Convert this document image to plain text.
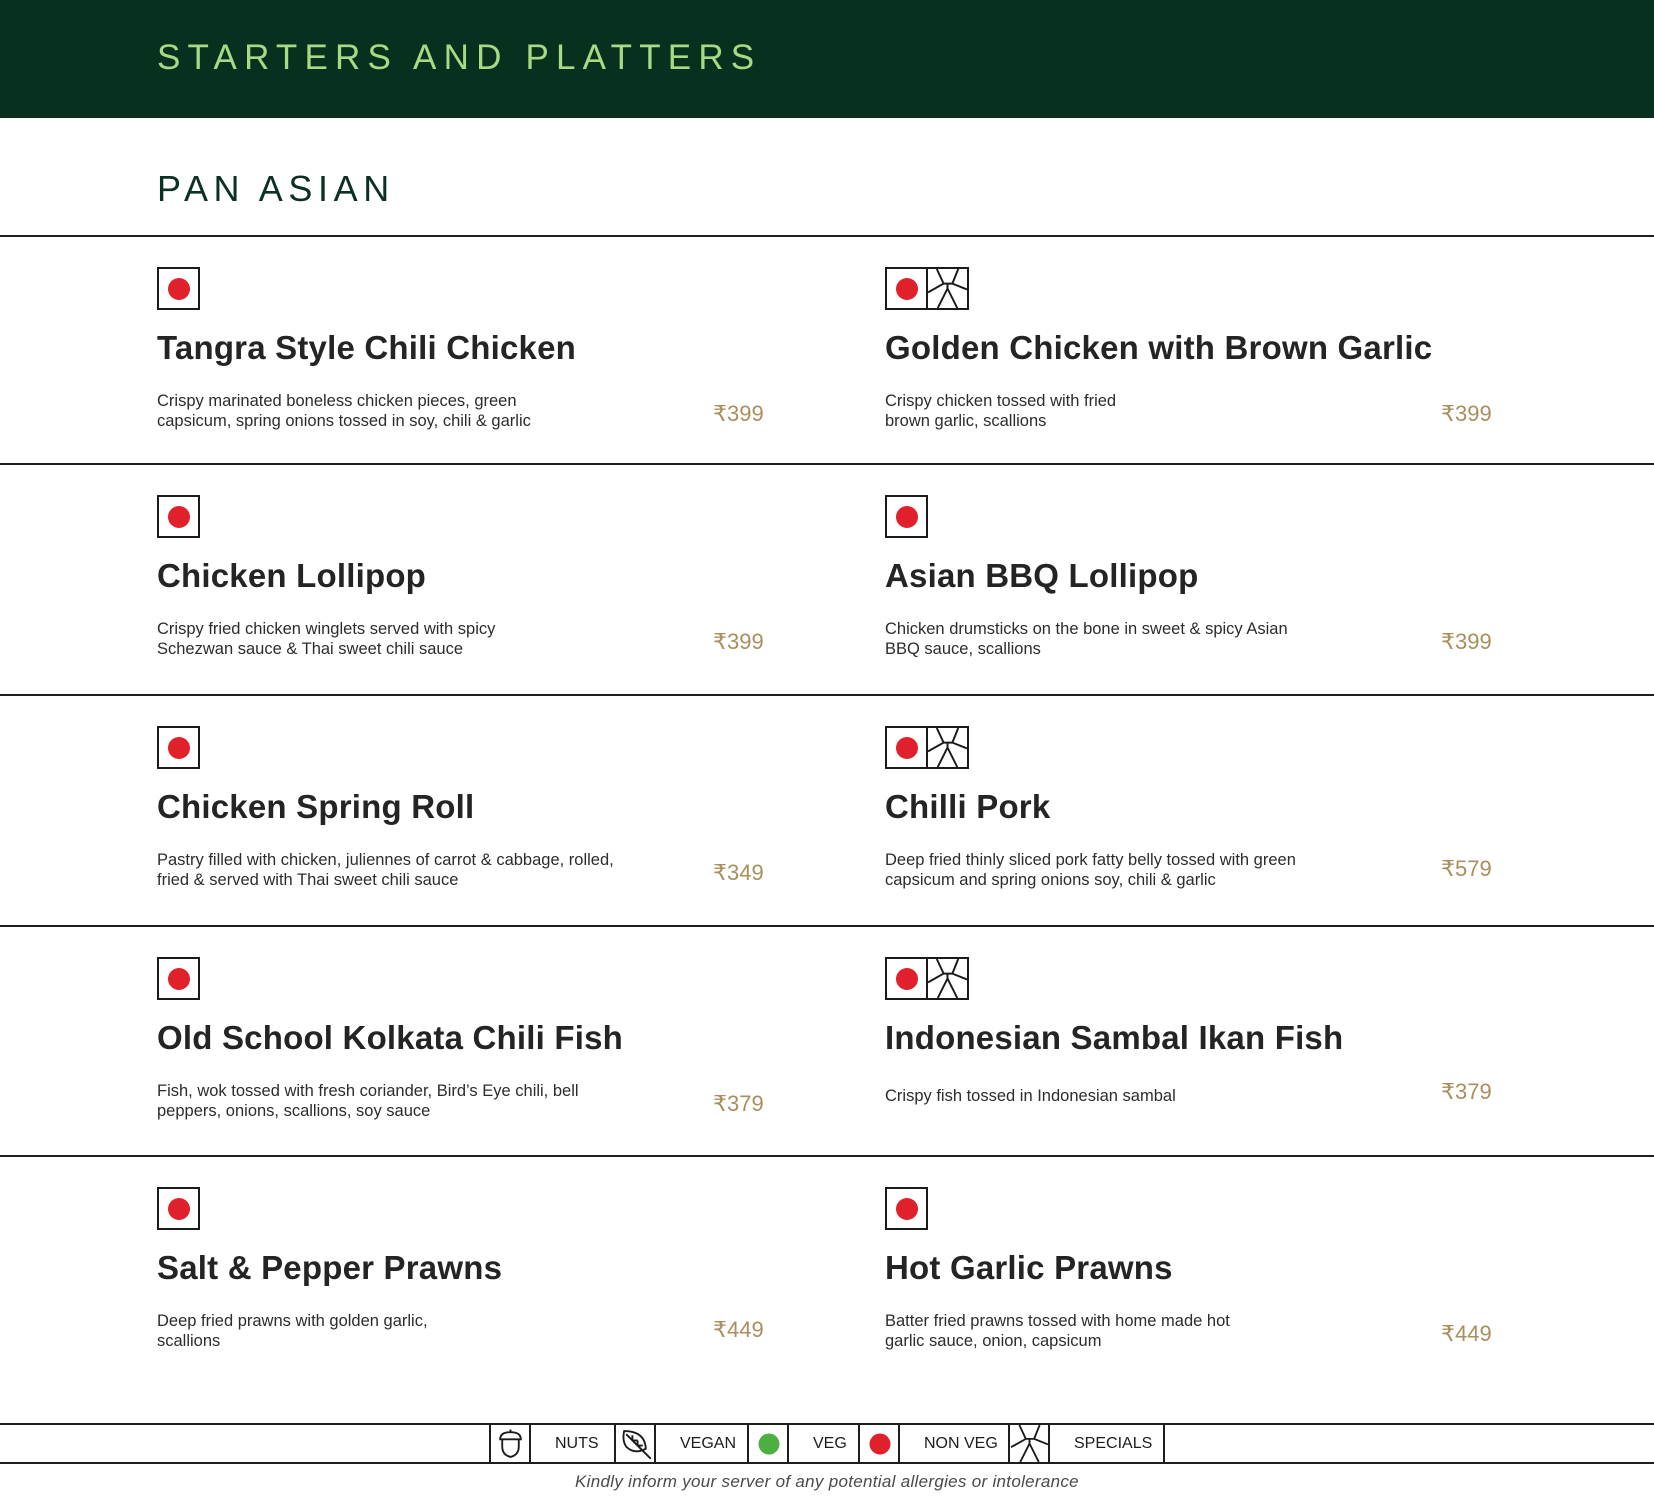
STARTERS AND PLATTERS
PAN ASIAN
Tangra Style Chili Chicken
Crispy marinated boneless chicken pieces, green capsicum, spring onions tossed in soy, chili & garlic	₹399
Golden Chicken with Brown Garlic
Crispy chicken tossed with fried brown garlic, scallions	₹399
Chicken Lollipop
Crispy fried chicken winglets served with spicy Schezwan sauce & Thai sweet chili sauce	₹399
Asian BBQ Lollipop
Chicken drumsticks on the bone in sweet & spicy Asian BBQ sauce, scallions	₹399
Chicken Spring Roll
Pastry filled with chicken, juliennes of carrot & cabbage, rolled, fried & served with Thai sweet chili sauce	₹349
Chilli Pork
Deep fried thinly sliced pork fatty belly tossed with green capsicum and spring onions soy, chili & garlic	₹579
Old School Kolkata Chili Fish
Fish, wok tossed with fresh coriander, Bird’s Eye chili, bell peppers, onions, scallions, soy sauce	₹379
Indonesian Sambal Ikan Fish
Crispy fish tossed in Indonesian sambal	₹379
Salt & Pepper Prawns
Deep fried prawns with golden garlic, scallions	₹449
Hot Garlic Prawns
Batter fried prawns tossed with home made hot garlic sauce, onion, capsicum	₹449
NUTS	VEGAN	VEG	NON VEG	SPECIALS
Kindly inform your server of any potential allergies or intolerance
